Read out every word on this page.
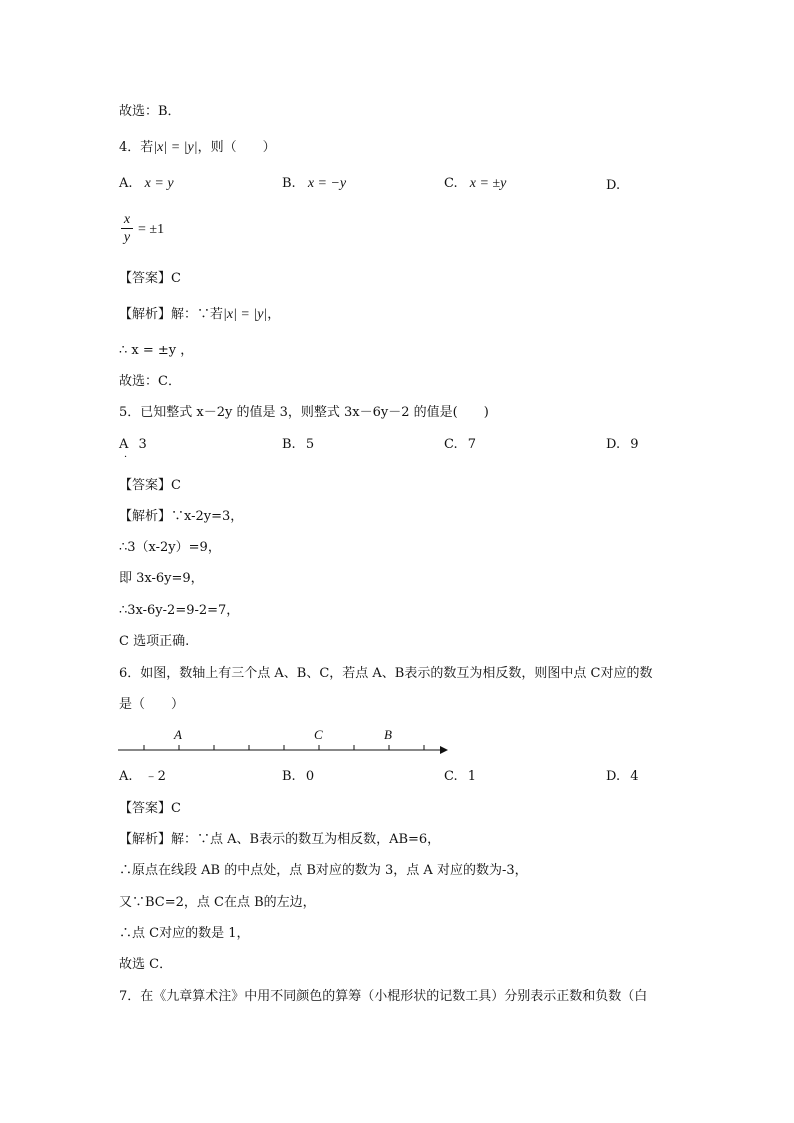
故选：B．
4．若|x| = |y|，则（　　）
A. x = y	B. x = −y	C. x = ±y	D.
x
y
= ±1
【答案】C
【解析】解：∵若|x| = |y|，
∴ x = ±y ，
故选：C．
5．已知整式 x－2y 的值是 3，则整式 3x－6y－2 的值是(　　)
A 3
．
B. 5	C. 7	D. 9
【答案】C
【解析】∵x-2y=3，
∴3（x-2y）=9，
即 3x-6y=9，
∴3x-6y-2=9-2=7，
C 选项正确.
6．如图，数轴上有三个点 A、B、C，若点 A、B表示的数互为相反数，则图中点 C对应的数
是（　　）
A	C	B
A. ﹣2	B. 0	C. 1	D. 4
【答案】C
【解析】解：∵点 A、B表示的数互为相反数，AB=6，
∴原点在线段 AB 的中点处，点 B对应的数为 3，点 A 对应的数为-3，
又∵BC=2，点 C在点 B的左边，
∴点 C对应的数是 1，
故选 C．
7．在《九章算术注》中用不同颜色的算筹（小棍形状的记数工具）分别表示正数和负数（白
